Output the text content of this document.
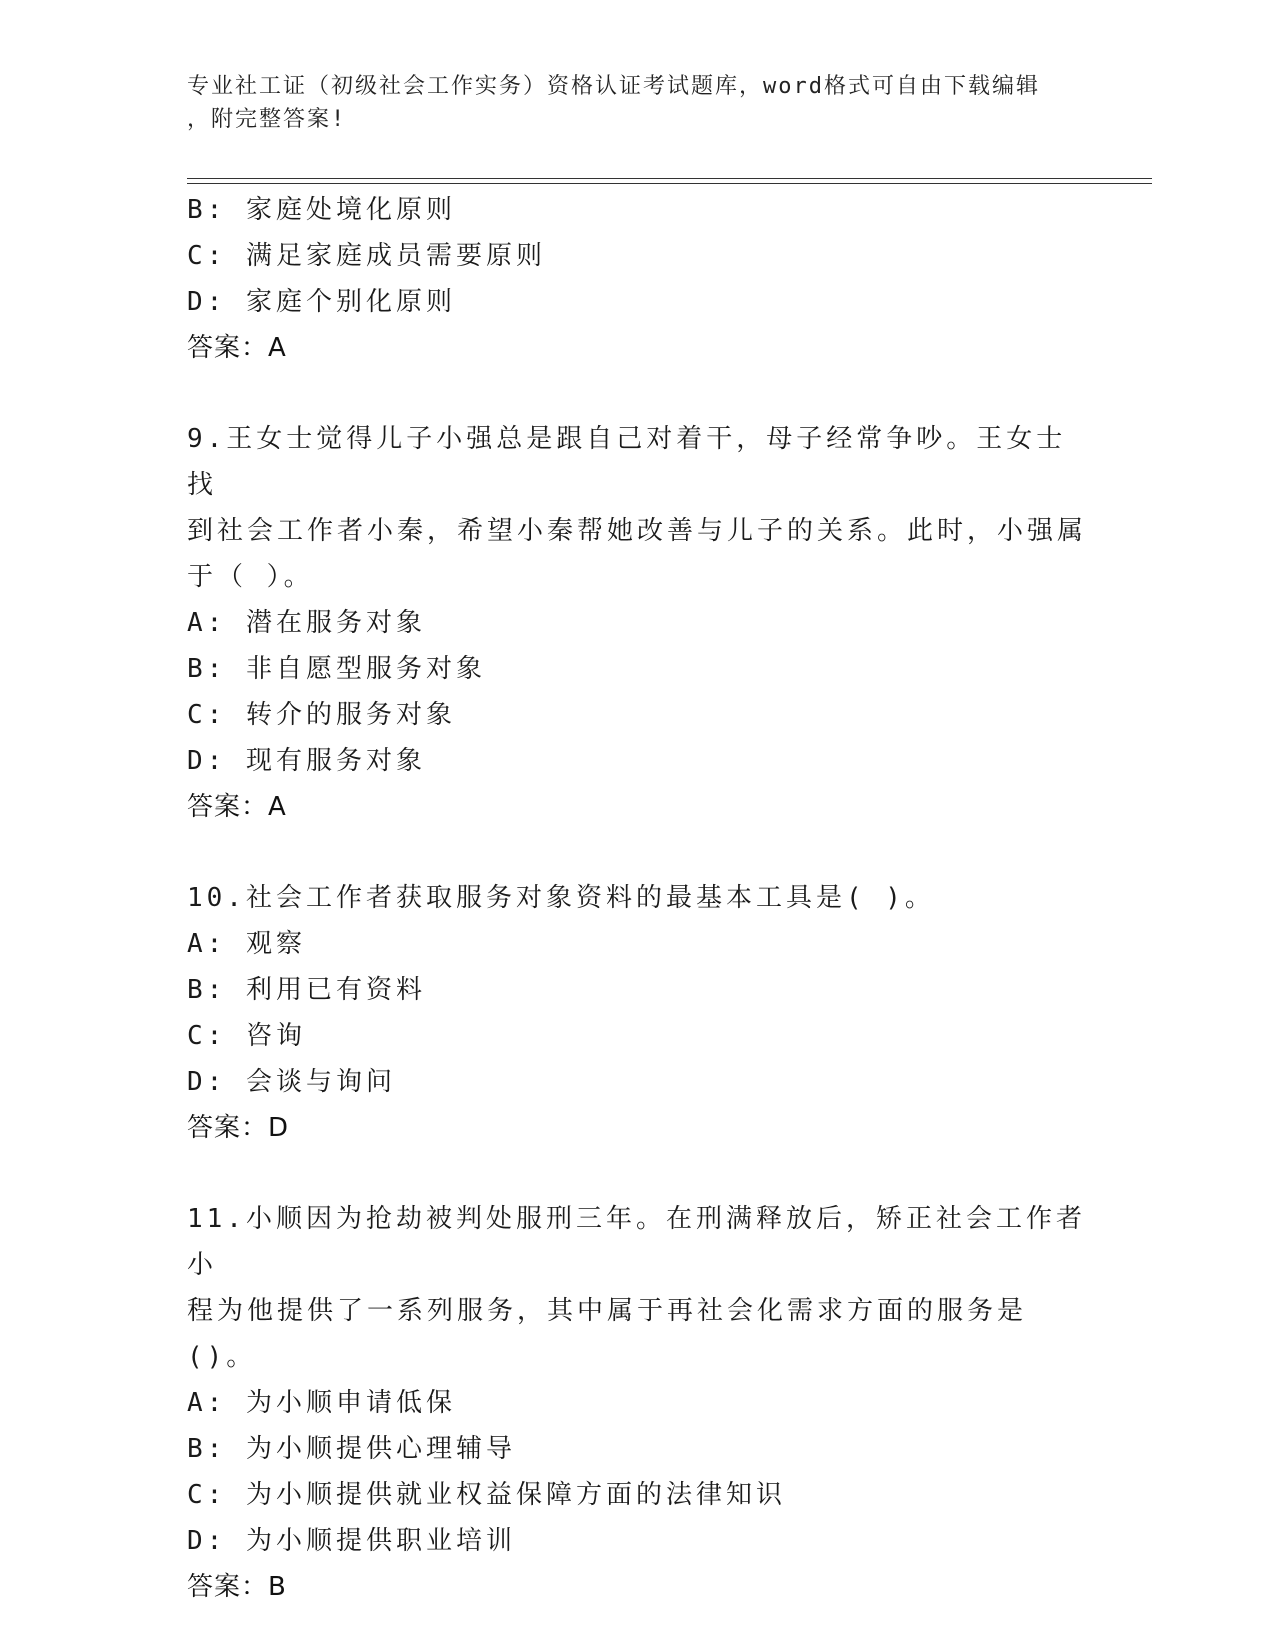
专业社工证（初级社会工作实务）资格认证考试题库，word格式可自由下载编辑
，附完整答案!
B: 家庭处境化原则
C: 满足家庭成员需要原则
D: 家庭个别化原则
答案：A
9.王女士觉得儿子小强总是跟自己对着干，母子经常争吵。王女士找
到社会工作者小秦，希望小秦帮她改善与儿子的关系。此时，小强属
于（ ）。
A: 潜在服务对象
B: 非自愿型服务对象
C: 转介的服务对象
D: 现有服务对象
答案：A
10.社会工作者获取服务对象资料的最基本工具是( )。
A: 观察
B: 利用已有资料
C: 咨询
D: 会谈与询问
答案：D
11.小顺因为抢劫被判处服刑三年。在刑满释放后，矫正社会工作者小
程为他提供了一系列服务，其中属于再社会化需求方面的服务是()。
A: 为小顺申请低保
B: 为小顺提供心理辅导
C: 为小顺提供就业权益保障方面的法律知识
D: 为小顺提供职业培训
答案：B
